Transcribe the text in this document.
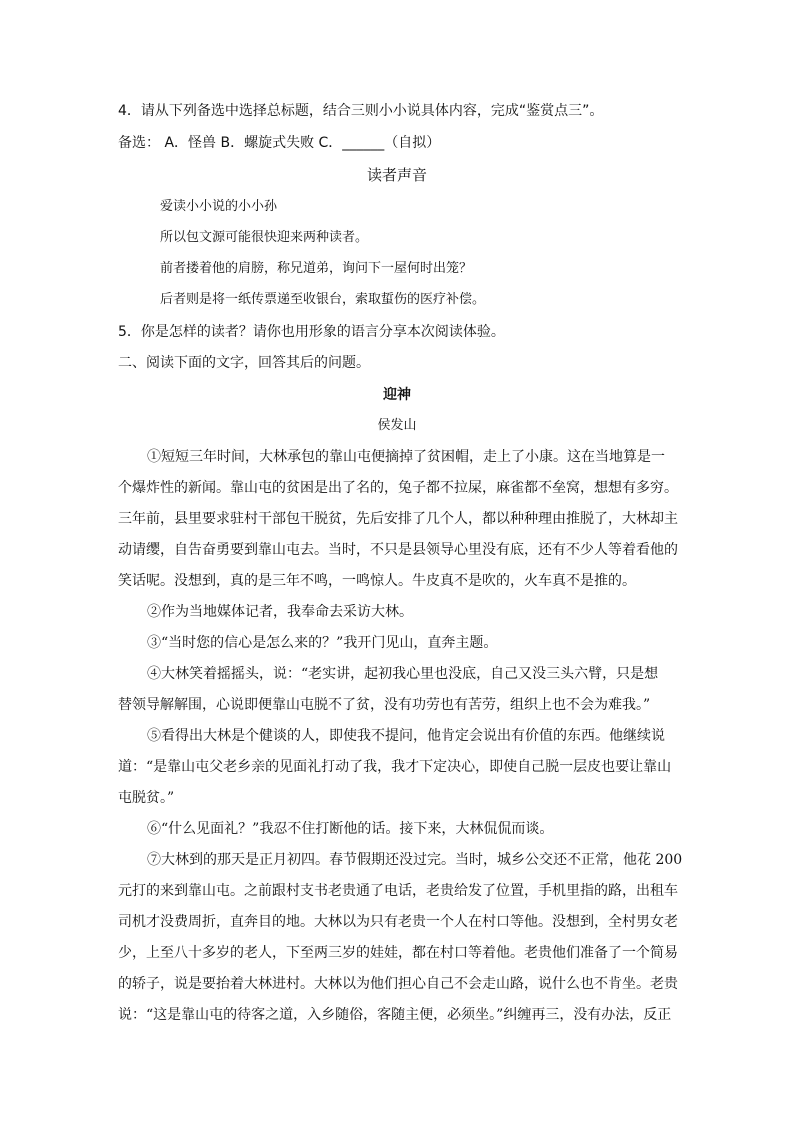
4．请从下列备选中选择总标题，结合三则小小说具体内容，完成“鉴赏点三”。
备选： A．怪兽 B．螺旋式失败 C．______（自拟）
读者声音
爱读小小说的小小孙
所以包文源可能很快迎来两种读者。
前者搂着他的肩膀，称兄道弟，询问下一屋何时出笼？
后者则是将一纸传票递至收银台，索取蜇伤的医疗补偿。
5．你是怎样的读者？请你也用形象的语言分享本次阅读体验。
二、阅读下面的文字，回答其后的问题。
迎神
侯发山
①短短三年时间，大林承包的靠山屯便摘掉了贫困帽，走上了小康。这在当地算是一
个爆炸性的新闻。靠山屯的贫困是出了名的，兔子都不拉屎，麻雀都不垒窝，想想有多穷。
三年前，县里要求驻村干部包干脱贫，先后安排了几个人，都以种种理由推脱了，大林却主
动请缨，自告奋勇要到靠山屯去。当时，不只是县领导心里没有底，还有不少人等着看他的
笑话呢。没想到，真的是三年不鸣，一鸣惊人。牛皮真不是吹的，火车真不是推的。
②作为当地媒体记者，我奉命去采访大林。
③“当时您的信心是怎么来的？”我开门见山，直奔主题。
④大林笑着摇摇头，说：“老实讲，起初我心里也没底，自己又没三头六臂，只是想
替领导解解围，心说即便靠山屯脱不了贫，没有功劳也有苦劳，组织上也不会为难我。”
⑤看得出大林是个健谈的人，即使我不提问，他肯定会说出有价值的东西。他继续说
道：“是靠山屯父老乡亲的见面礼打动了我，我才下定决心，即使自己脱一层皮也要让靠山
屯脱贫。”
⑥“什么见面礼？”我忍不住打断他的话。接下来，大林侃侃而谈。
⑦大林到的那天是正月初四。春节假期还没过完。当时，城乡公交还不正常，他花 200
元打的来到靠山屯。之前跟村支书老贵通了电话，老贵给发了位置，手机里指的路，出租车
司机才没费周折，直奔目的地。大林以为只有老贵一个人在村口等他。没想到，全村男女老
少，上至八十多岁的老人，下至两三岁的娃娃，都在村口等着他。老贵他们准备了一个简易
的轿子，说是要抬着大林进村。大林以为他们担心自己不会走山路，说什么也不肯坐。老贵
说：“这是靠山屯的待客之道，入乡随俗，客随主便，必须坐。”纠缠再三，没有办法，反正
